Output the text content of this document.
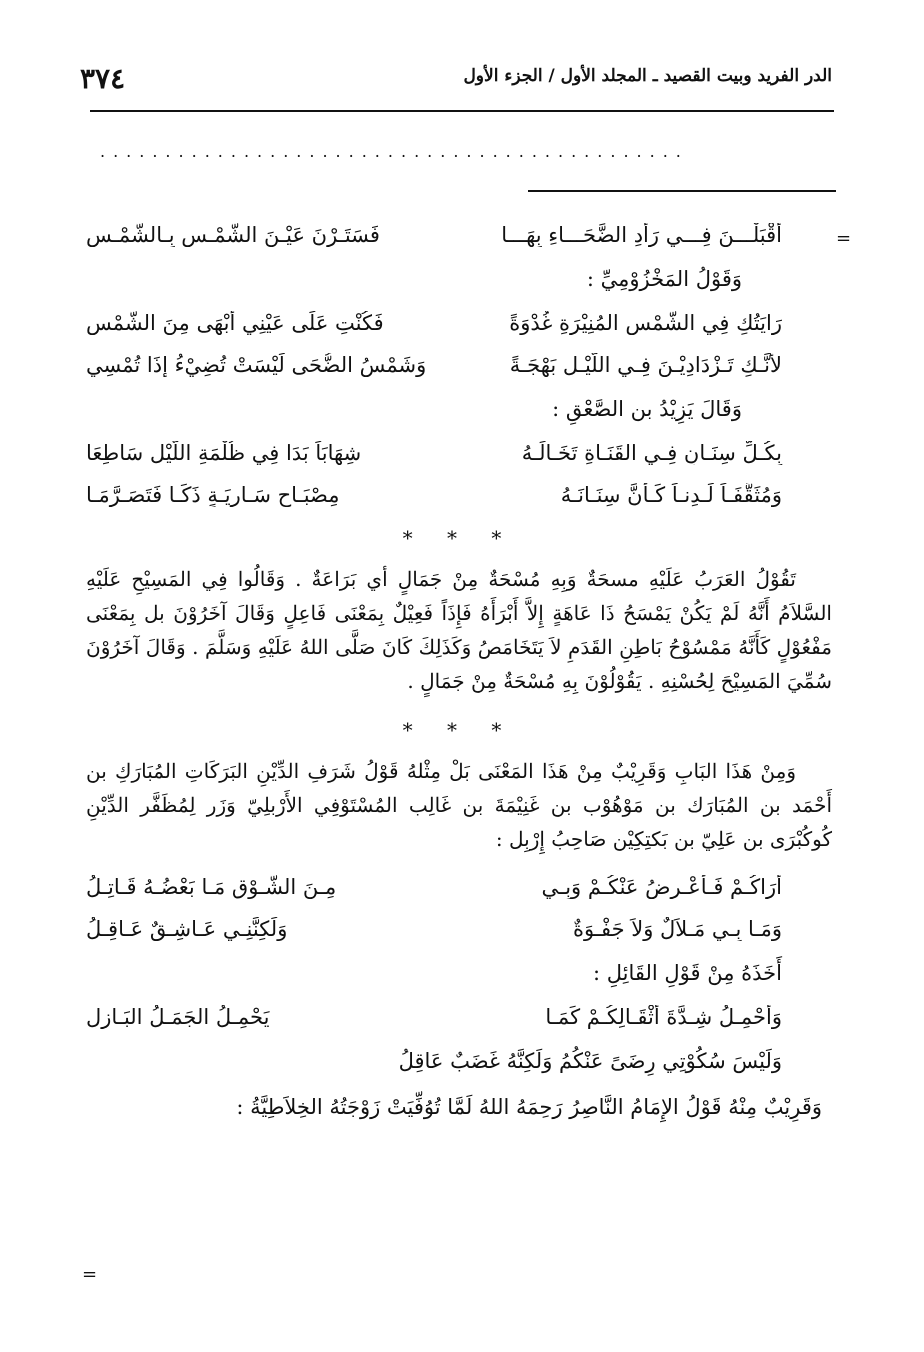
٣٧٤	الدر الفريد وبيت القصيد ـ المجلد الأول / الجزء الأول
.............................................
=
=
أَقْبَلْـــنَ فِـــي رَأْدِ الضَّحَـــاءِ بِهَـــا
فَسَتَـرْنَ عَيْـنَ الشَّمْـسِ بِـالشَّمْـسِ
وَقَوْلُ المَخْزُوْمِيِّ :
رَايَتُكِ فِي الشَّمْسِ المُنِيْرَةِ غُدْوَةً
فَكُنْتِ عَلَى عَيْنِي أَبْهَى مِنَ الشَّمْسِ
لأَنَّـكِ تَـزْدَادِيْـنَ فِـي اللَّيْـلِ بَهْجَـةً
وَشَمْسُ الضُّحَى لَيْسَتْ تُضِيْءُ إِذَا تُمْسِي
وَقَالَ يَزِيْدُ بن الصَّعْقِ :
بِكُـلِّ سِنَـانٍ فِـي القَنَـاةِ تَخَـالَـهُ
شِهَابَاً بَدَا فِي ظُلْمَةِ اللَّيْلِ سَاطِعَا
وَمُثَقَّفَـاً لَـدِنـاً كَـأَنَّ سِنَـانَـهُ
مِصْبَـاحِ سَـارِيَـةٍ ذَكَـا فَتَصَـرَّمَـا
* * *

تَقُوْلُ العَرَبُ عَلَيْهِ مسحَةٌ وَبِهِ مُسْحَةٌ مِنْ جَمَالٍ أي بَرَاعَةٌ . وَقَالُوا فِي المَسِيْحِ عَلَيْهِ السَّلاَمُ أَنَّهُ لَمْ يَكُنْ يَمْسَحُ ذَا عَاهَةٍ إِلاَّ أَبْرَأَهُ فَإِذَاً فَعِيْلٌ بِمَعْنَى فَاعِلٍ وَقَالَ آخَرُوْنَ بل بِمَعْنَى مَفْعُوْلٍ كَأَنَّهُ مَمْسُوْحُ بَاطِنِ القَدَمِ لاَ يَتَخَامَصُ وَكَذَلِكَ كَانَ صَلَّى اللهُ عَلَيْهِ وَسَلَّمَ . وَقَالَ آخَرُوْنَ سُمِّيَ المَسِيْحَ لِحُسْنِهِ . يَقُوْلُوْنَ بِهِ مُسْحَةٌ مِنْ جَمَالٍ .

* * *

وَمِنْ هَذَا البَابِ وَقَرِيْبٌ مِنْ هَذَا المَعْنَى بَلْ مِثْلهُ قَوْلُ شَرَفِ الدِّيْنِ البَرَكَاتِ المُبَارَكِ بن أَحْمَد بن المُبَارَك بن مَوْهُوْب بن غَنِيْمَةَ بن غَالِب المُسْتَوْفِي الأَرْبلِيّ وَزَر لِمُظَفَّر الدِّيْنِ كُوكُبْرَى بن عَلِيّ بن بَكتِكِيْن صَاحِبُ إِرْبِل :

أَرَاكُـمْ فَـأُعْـرِضُ عَنْكُـمْ وَبِـي
مِـنَ الشَّـوْقِ مَـا بَعْضُـهُ قَـاتِـلُ
وَمَـا بِـي مَـلاَلٌ وَلاَ جَفْـوَةٌ
وَلَكِنَّنِـي عَـاشِـقٌ عَـاقِـلُ
أَخَذَهُ مِنْ قَوْلِ القَائِلِ :
وَأَحْمِـلُ شِـدَّةَ أَثْقَـالِكُـمْ كَمَـا
يَحْمِـلُ الجَمَـلُ البَـازِلِ
وَلَيْسَ سُكُوْتِي رِضَىً عَنْكُمُ وَلَكِنَّهُ غَضَبٌ عَاقِلُ
وَقَرِيْبٌ مِنْهُ قَوْلُ الإِمَامُ النَّاصِرُ رَحِمَهُ اللهُ لَمَّا تُوُفِّيَتْ زَوْجَتُهُ الخِلاَطِيَّةُ :
